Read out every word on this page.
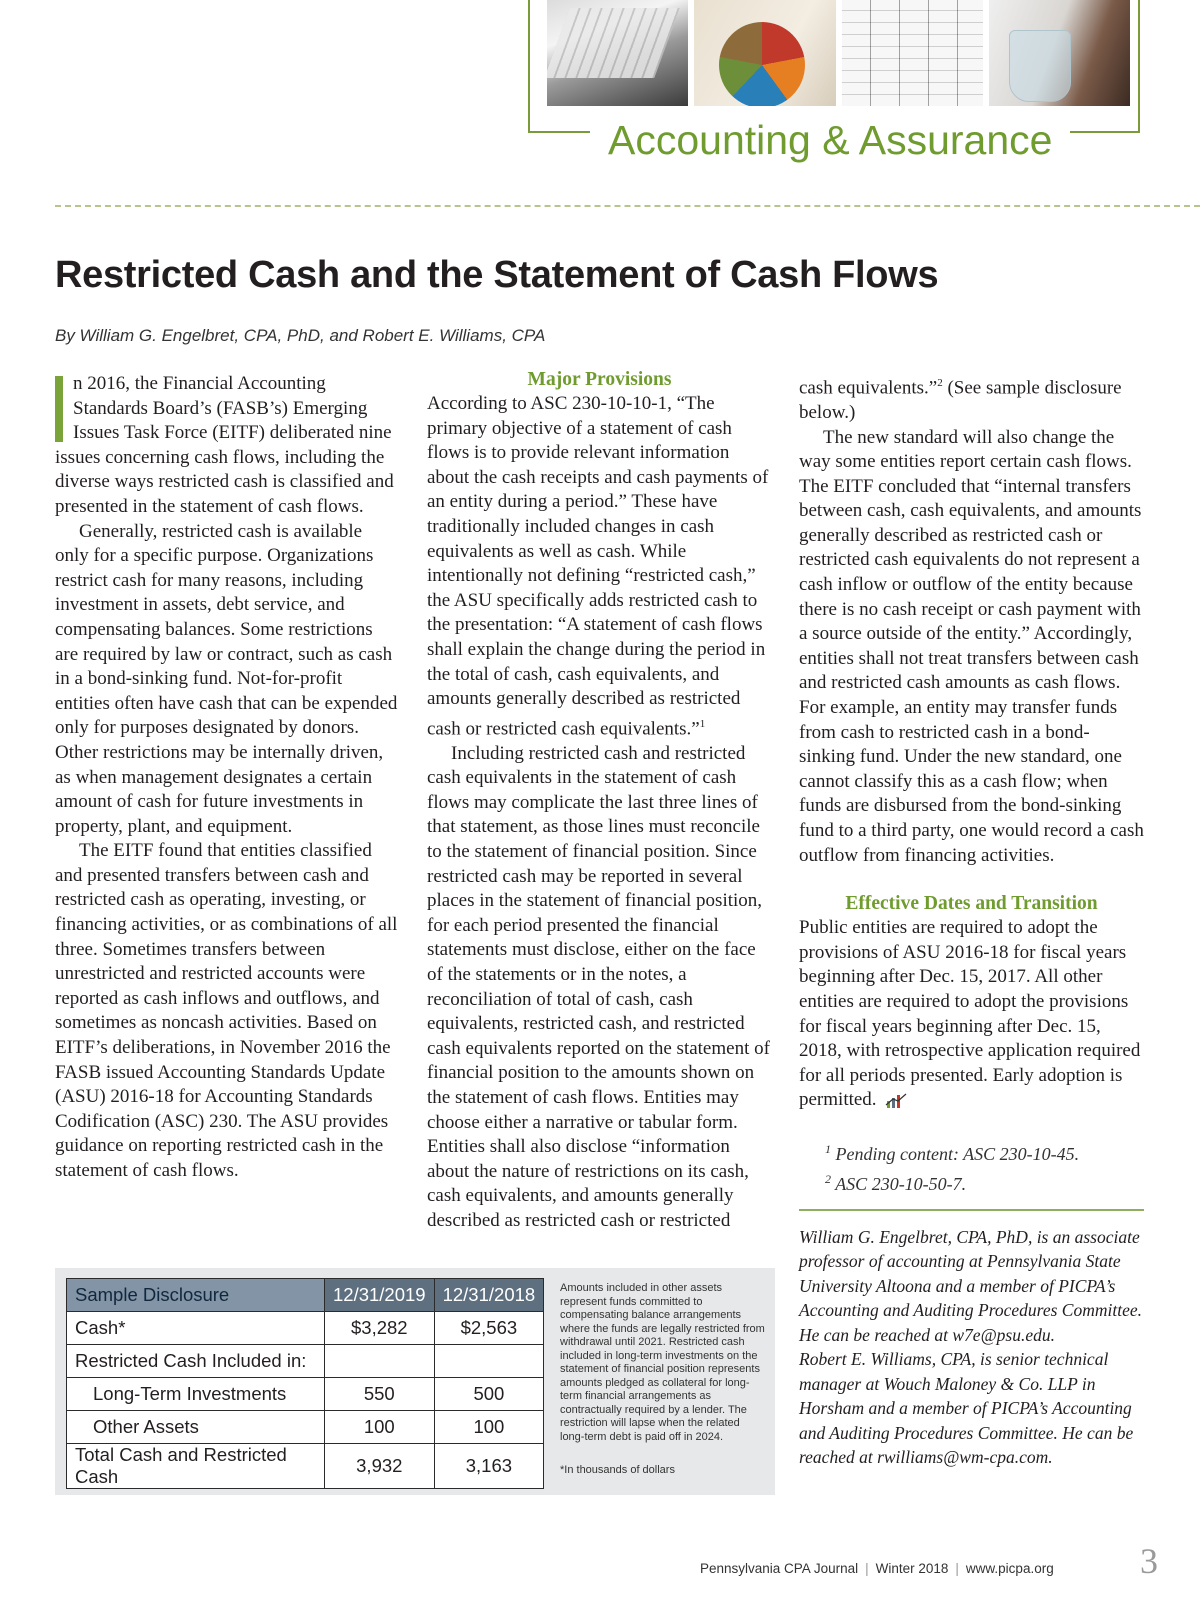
Accounting & Assurance
Restricted Cash and the Statement of Cash Flows
By William G. Engelbret, CPA, PhD, and Robert E. Williams, CPA

n 2016, the Financial Accounting Standards Board’s (FASB’s) Emerging Issues Task Force (EITF) deliberated nine issues concerning cash flows, including the diverse ways restricted cash is classified and presented in the statement of cash flows.

Generally, restricted cash is available only for a specific purpose. Organizations restrict cash for many reasons, including investment in assets, debt service, and compensating balances. Some restrictions are required by law or contract, such as cash in a bond-sinking fund. Not-for-profit entities often have cash that can be expended only for purposes designated by donors. Other restrictions may be internally driven, as when management designates a certain amount of cash for future investments in property, plant, and equipment.

The EITF found that entities classified and presented transfers between cash and restricted cash as operating, investing, or financing activities, or as combinations of all three. Sometimes transfers between unrestricted and restricted accounts were reported as cash inflows and outflows, and sometimes as noncash activities. Based on EITF’s deliberations, in November 2016 the FASB issued Accounting Standards Update (ASU) 2016-18 for Accounting Standards Codification (ASC) 230. The ASU provides guidance on reporting restricted cash in the statement of cash flows.

Major Provisions

According to ASC 230-10-10-1, “The primary objective of a statement of cash flows is to provide relevant information about the cash receipts and cash payments of an entity during a period.” These have traditionally included changes in cash equivalents as well as cash. While intentionally not defining “restricted cash,” the ASU specifically adds restricted cash to the presentation: “A statement of cash flows shall explain the change during the period in the total of cash, cash equivalents, and amounts generally described as restricted cash or restricted cash equivalents.”$^1$

Including restricted cash and restricted cash equivalents in the statement of cash flows may complicate the last three lines of that statement, as those lines must reconcile to the statement of financial position. Since restricted cash may be reported in several places in the statement of financial position, for each period presented the financial statements must disclose, either on the face of the statements or in the notes, a reconciliation of total of cash, cash equivalents, restricted cash, and restricted cash equivalents reported on the statement of financial position to the amounts shown on the statement of cash flows. Entities may choose either a narrative or tabular form. Entities shall also disclose “information about the nature of restrictions on its cash, cash equivalents, and amounts generally described as restricted cash or restricted

cash equivalents.”$^2$ (See sample disclosure below.)

The new standard will also change the way some entities report certain cash flows. The EITF concluded that “internal transfers between cash, cash equivalents, and amounts generally described as restricted cash or restricted cash equivalents do not represent a cash inflow or outflow of the entity because there is no cash receipt or cash payment with a source outside of the entity.” Accordingly, entities shall not treat transfers between cash and restricted cash amounts as cash flows. For example, an entity may transfer funds from cash to restricted cash in a bond-sinking fund. Under the new standard, one cannot classify this as a cash flow; when funds are disbursed from the bond-sinking fund to a third party, one would record a cash outflow from financing activities.

Effective Dates and Transition

Public entities are required to adopt the provisions of ASU 2016-18 for fiscal years beginning after Dec. 15, 2017. All other entities are required to adopt the provisions for fiscal years beginning after Dec. 15, 2018, with retrospective application required for all periods presented. Early adoption is permitted.

$^1$ Pending content: ASC 230-10-45.
$^2$ ASC 230-10-50-7.

William G. Engelbret, CPA, PhD, is an associate professor of accounting at Pennsylvania State University Altoona and a member of PICPA’s Accounting and Auditing Procedures Committee. He can be reached at w7e@psu.edu.

Robert E. Williams, CPA, is senior technical manager at Wouch Maloney & Co. LLP in Horsham and a member of PICPA’s Accounting and Auditing Procedures Committee. He can be reached at rwilliams@wm-cpa.com.

Sample Disclosure	12/31/2019	12/31/2018
Cash*	$3,282	$2,563
Restricted Cash Included in:		
Long-Term Investments	550	500
Other Assets	100	100
Total Cash and Restricted Cash	3,932	3,163
Amounts included in other assets represent funds committed to compensating balance arrangements where the funds are legally restricted from withdrawal until 2021. Restricted cash included in long-term investments on the statement of financial position represents amounts pledged as collateral for long-term financial arrangements as contractually required by a lender. The restriction will lapse when the related long-term debt is paid off in 2024.
*In thousands of dollars
Pennsylvania CPA Journal | Winter 2018 | www.picpa.org 3
